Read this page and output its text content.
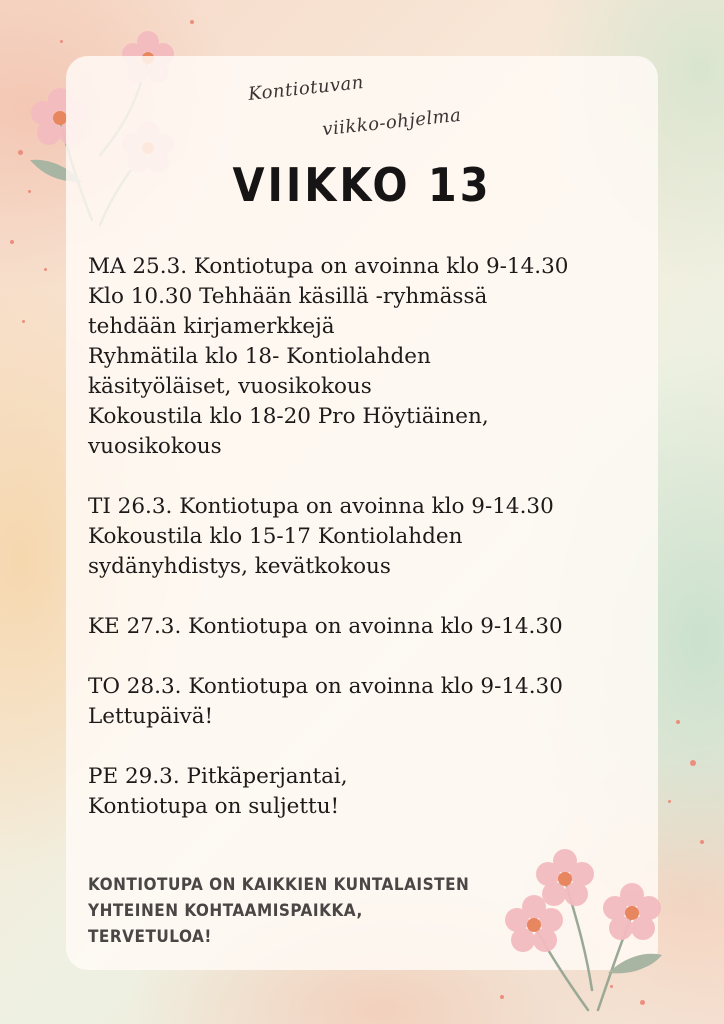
Kontiotuvan
viikko-ohjelma
VIIKKO 13
MA 25.3. Kontiotupa on avoinna klo 9-14.30
Klo 10.30 Tehhään käsillä -ryhmässä
tehdään kirjamerkkejä
Ryhmätila klo 18- Kontiolahden
käsityöläiset, vuosikokous
Kokoustila klo 18-20 Pro Höytiäinen,
vuosikokous
TI 26.3. Kontiotupa on avoinna klo 9-14.30
Kokoustila klo 15-17 Kontiolahden
sydänyhdistys, kevätkokous
KE 27.3. Kontiotupa on avoinna klo 9-14.30
TO 28.3. Kontiotupa on avoinna klo 9-14.30
Lettupäivä!
PE 29.3. Pitkäperjantai,
Kontiotupa on suljettu!
KONTIOTUPA ON KAIKKIEN KUNTALAISTEN
YHTEINEN KOHTAAMISPAIKKA,
TERVETULOA!
